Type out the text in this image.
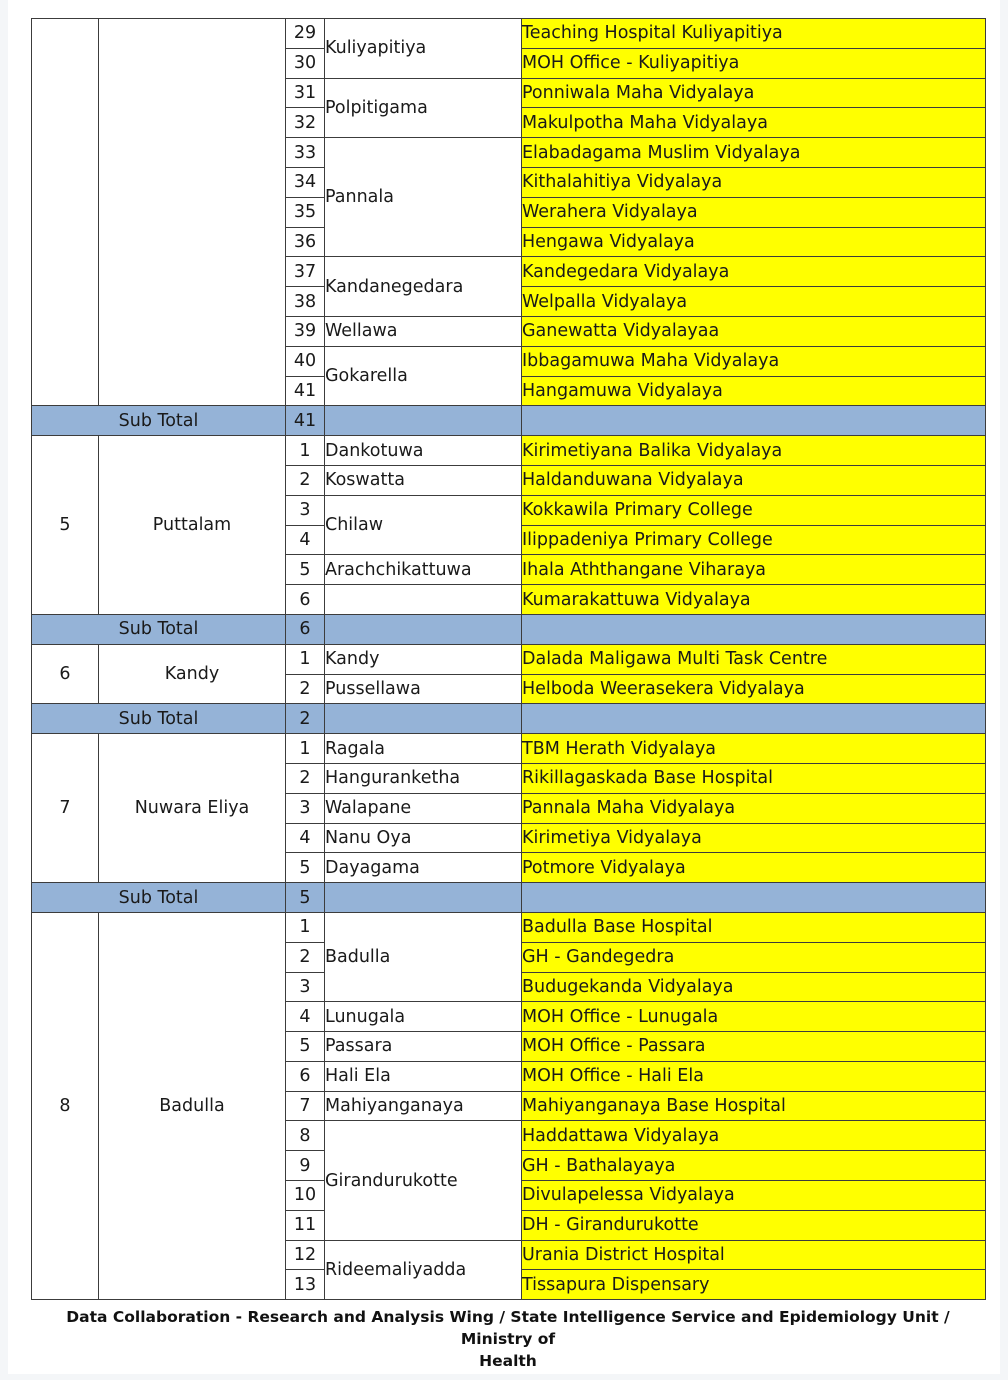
		29	Kuliyapitiya	Teaching Hospital Kuliyapitiya
		30		MOH Office - Kuliyapitiya
		31	Polpitigama	Ponniwala Maha Vidyalaya
		32		Makulpotha Maha Vidyalaya
		33	Pannala	Elabadagama Muslim Vidyalaya
		34		Kithalahitiya Vidyalaya
		35		Werahera Vidyalaya
		36		Hengawa Vidyalaya
		37	Kandanegedara	Kandegedara Vidyalaya
		38		Welpalla Vidyalaya
		39	Wellawa	Ganewatta Vidyalayaa
		40	Gokarella	Ibbagamuwa Maha Vidyalaya
		41		Hangamuwa Vidyalaya
Sub Total		41		
5	Puttalam	1	Dankotuwa	Kirimetiyana Balika Vidyalaya
		2	Koswatta	Haldanduwana Vidyalaya
		3	Chilaw	Kokkawila Primary College
		4		Ilippadeniya Primary College
		5	Arachchikattuwa	Ihala Aththangane Viharaya
		6		Kumarakattuwa Vidyalaya
Sub Total		6		
6	Kandy	1	Kandy	Dalada Maligawa Multi Task Centre
		2	Pussellawa	Helboda Weerasekera Vidyalaya
Sub Total		2		
7	Nuwara Eliya	1	Ragala	TBM Herath Vidyalaya
		2	Hanguranketha	Rikillagaskada Base Hospital
		3	Walapane	Pannala Maha Vidyalaya
		4	Nanu Oya	Kirimetiya Vidyalaya
		5	Dayagama	Potmore Vidyalaya
Sub Total		5		
8	Badulla	1	Badulla	Badulla Base Hospital
		2		GH - Gandegedra
		3		Budugekanda Vidyalaya
		4	Lunugala	MOH Office - Lunugala
		5	Passara	MOH Office - Passara
		6	Hali Ela	MOH Office - Hali Ela
		7	Mahiyanganaya	Mahiyanganaya Base Hospital
		8	Girandurukotte	Haddattawa Vidyalaya
		9		GH - Bathalayaya
		10		Divulapelessa Vidyalaya
		11		DH - Girandurukotte
		12	Rideemaliyadda	Urania District Hospital
		13		Tissapura Dispensary
Data Collaboration - Research and Analysis Wing / State Intelligence Service and Epidemiology Unit / Ministry of
Health
